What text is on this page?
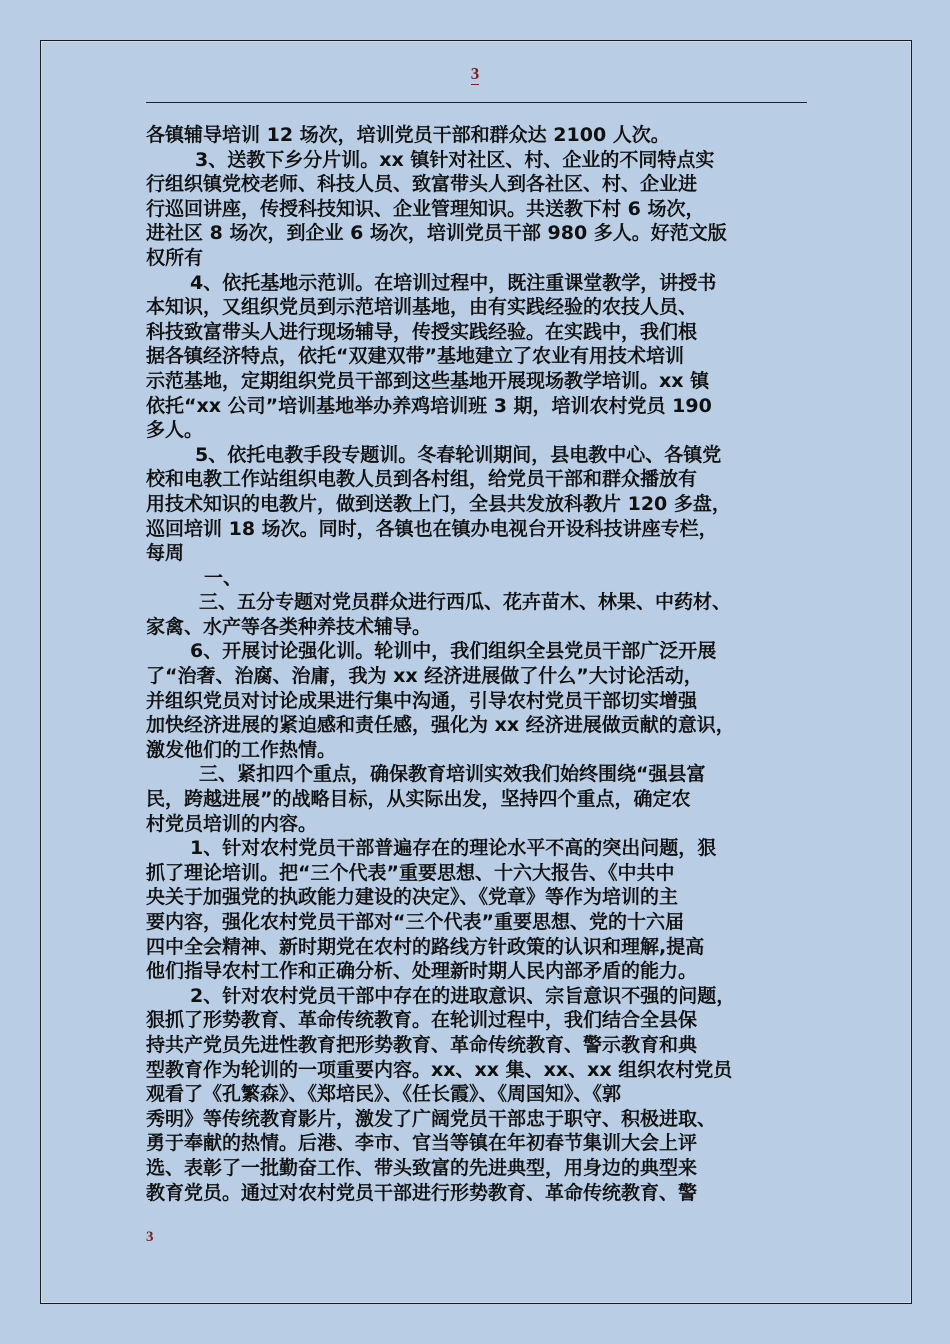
3
各镇辅导培训 12 场次，培训党员干部和群众达 2100 人次。
3、送教下乡分片训。xx 镇针对社区、村、企业的不同特点实
行组织镇党校老师、科技人员、致富带头人到各社区、村、企业进
行巡回讲座，传授科技知识、企业管理知识。共送教下村 6 场次，
进社区 8 场次，到企业 6 场次，培训党员干部 980 多人。好范文版
权所有
4、依托基地示范训。在培训过程中，既注重课堂教学，讲授书
本知识，又组织党员到示范培训基地，由有实践经验的农技人员、
科技致富带头人进行现场辅导，传授实践经验。在实践中，我们根
据各镇经济特点，依托“双建双带”基地建立了农业有用技术培训
示范基地，定期组织党员干部到这些基地开展现场教学培训。xx 镇
依托“xx 公司”培训基地举办养鸡培训班 3 期，培训农村党员 190
多人。
5、依托电教手段专题训。冬春轮训期间，县电教中心、各镇党
校和电教工作站组织电教人员到各村组，给党员干部和群众播放有
用技术知识的电教片，做到送教上门，全县共发放科教片 120 多盘，
巡回培训 18 场次。同时，各镇也在镇办电视台开设科技讲座专栏，
每周
一、
三、五分专题对党员群众进行西瓜、花卉苗木、林果、中药材、
家禽、水产等各类种养技术辅导。
6、开展讨论强化训。轮训中，我们组织全县党员干部广泛开展
了“治奢、治腐、治庸，我为 xx 经济进展做了什么”大讨论活动，
并组织党员对讨论成果进行集中沟通，引导农村党员干部切实增强
加快经济进展的紧迫感和责任感，强化为 xx 经济进展做贡献的意识，
激发他们的工作热情。
三、紧扣四个重点，确保教育培训实效我们始终围绕“强县富
民，跨越进展”的战略目标，从实际出发，坚持四个重点，确定农
村党员培训的内容。
1、针对农村党员干部普遍存在的理论水平不高的突出问题，狠
抓了理论培训。把“三个代表”重要思想、十六大报告、《中共中
央关于加强党的执政能力建设的决定》、《党章》等作为培训的主
要内容，强化农村党员干部对“三个代表”重要思想、党的十六届
四中全会精神、新时期党在农村的路线方针政策的认识和理解,提高
他们指导农村工作和正确分析、处理新时期人民内部矛盾的能力。
2、针对农村党员干部中存在的进取意识、宗旨意识不强的问题，
狠抓了形势教育、革命传统教育。在轮训过程中，我们结合全县保
持共产党员先进性教育把形势教育、革命传统教育、警示教育和典
型教育作为轮训的一项重要内容。xx、xx 集、xx、xx 组织农村党员
观看了《孔繁森》、《郑培民》、《任长霞》、《周国知》、《郭
秀明》等传统教育影片，激发了广阔党员干部忠于职守、积极进取、
勇于奉献的热情。后港、李市、官当等镇在年初春节集训大会上评
选、表彰了一批勤奋工作、带头致富的先进典型，用身边的典型来
教育党员。通过对农村党员干部进行形势教育、革命传统教育、警
3
